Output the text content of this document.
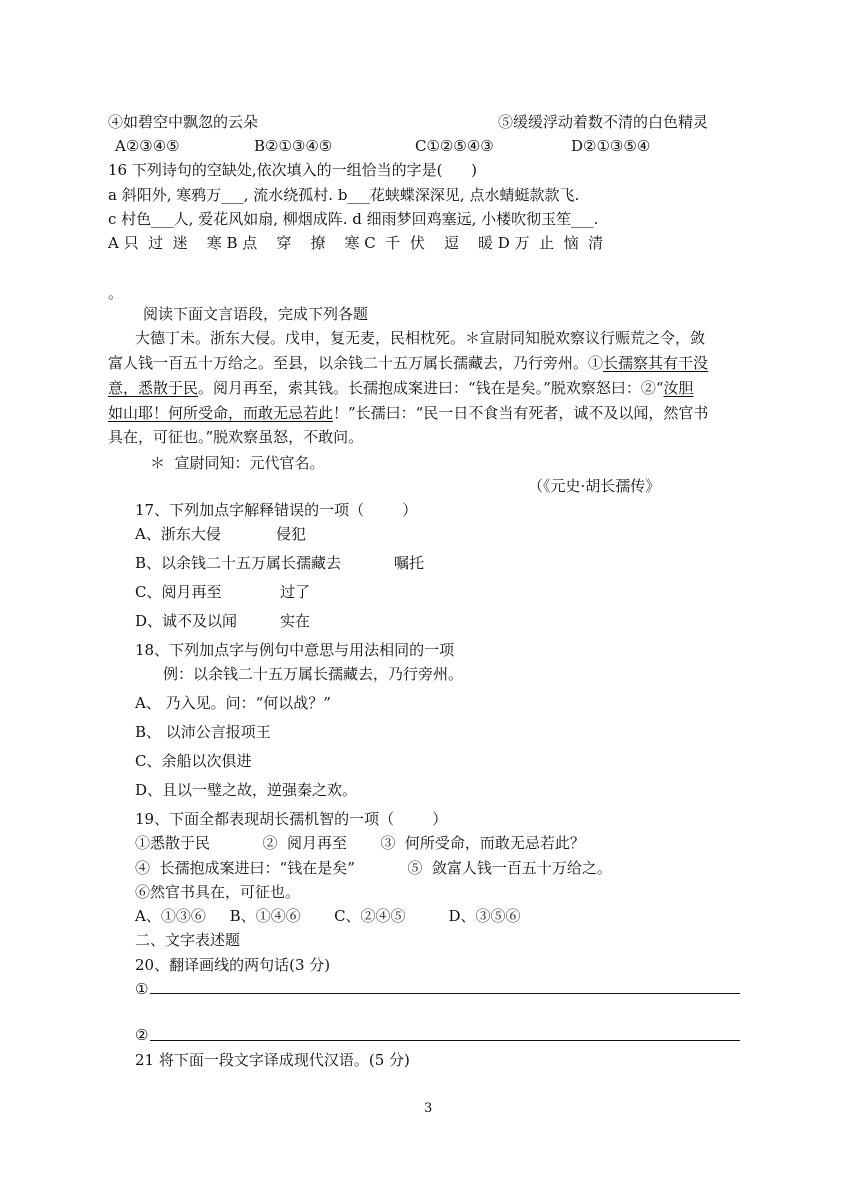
④如碧空中飘忽的云朵	⑤缓缓浮动着数不清的白色精灵
A②③④⑤	B②①③④⑤	C①②⑤④③	D②①③⑤④
16 下列诗句的空缺处,依次填入的一组恰当的字是(      )
a 斜阳外, 寒鸦万___, 流水绕孤村. b___花蛱蝶深深见, 点水蜻蜓款款飞.
c 村色___人, 爱花风如扇, 柳烟成阵. d 细雨梦回鸡塞远, 小楼吹彻玉笙___.
A 只  过  迷    寒 B 点    穿    撩    寒 C  千  伏    逗    暖 D 万  止  恼  清
。
阅读下面文言语段，完成下列各题
大德丁未。浙东大侵。戊申，复无麦，民相枕死。＊宣尉同知脱欢察议行赈荒之令，敛
富人钱一百五十万给之。至县，以余钱二十五万属长孺藏去，乃行旁州。①长孺察其有干没
意，悉散于民。阅月再至，索其钱。长孺抱成案进曰：“钱在是矣。”脱欢察怒曰：②“汝胆
如山耶！何所受命，而敢无忌若此！”长孺曰：“民一日不食当有死者，诚不及以闻，然官书
具在，可征也。”脱欢察虽怒，不敢问。
＊  宣尉同知：元代官名。
（《元史·胡长孺传》
17、下列加点字解释错误的一项（        ）
A、浙东大侵	侵犯
B、以余钱二十五万属长孺藏去	嘱托
C、阅月再至	过了
D、诚不及以闻	实在
18、下列加点字与例句中意思与用法相同的一项
例：以余钱二十五万属长孺藏去，乃行旁州。
A、 乃入见。问：“何以战？”
B、 以沛公言报项王
C、余船以次俱进
D、且以一璧之故，逆强秦之欢。
19、下面全都表现胡长孺机智的一项（        ）
①悉散于民           ②  阅月再至       ③  何所受命，而敢无忌若此？
④  长孺抱成案进曰：“钱在是矣”           ⑤  敛富人钱一百五十万给之。
⑥然官书具在，可征也。
A、①③⑥     B、①④⑥       C、②④⑤         D、③⑤⑥
二、文字表述题
20、翻译画线的两句话(3 分)
①
②
21 将下面一段文字译成现代汉语。(5 分)
3
